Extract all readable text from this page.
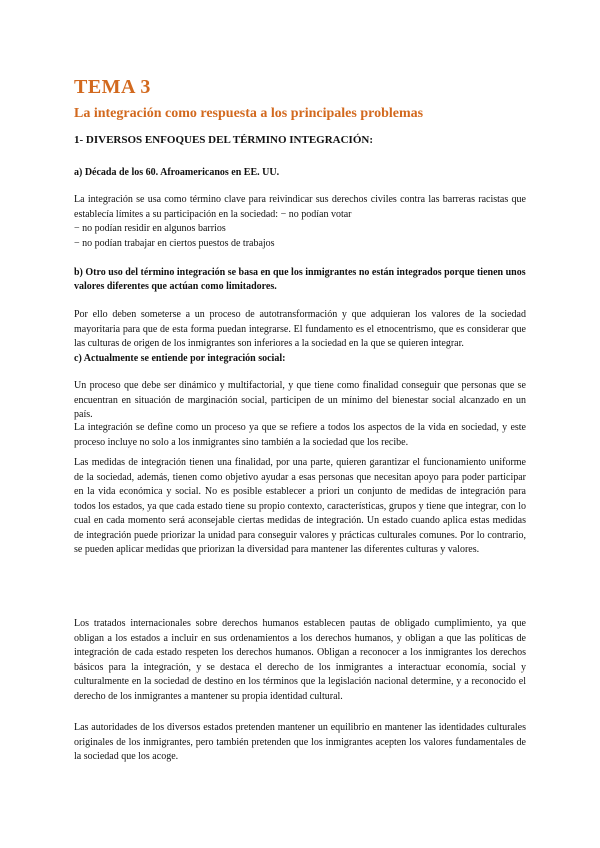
TEMA 3
La integración como respuesta a los principales problemas
1- DIVERSOS ENFOQUES DEL TÉRMINO INTEGRACIÓN:

a) Década de los 60. Afroamericanos en EE. UU.

La integración se usa como término clave para reivindicar sus derechos civiles contra las barreras racistas que establecía límites a su participación en la sociedad: − no podían votar
− no podían residir en algunos barrios
− no podían trabajar en ciertos puestos de trabajos

b) Otro uso del término integración se basa en que los inmigrantes no están integrados porque tienen unos valores diferentes que actúan como limitadores.

Por ello deben someterse a un proceso de autotransformación y que adquieran los valores de la sociedad mayoritaria para que de esta forma puedan integrarse. El fundamento es el etnocentrismo, que es considerar que las culturas de origen de los inmigrantes son inferiores a la sociedad en la que se quieren integrar.

c) Actualmente se entiende por integración social:

Un proceso que debe ser dinámico y multifactorial, y que tiene como finalidad conseguir que personas que se encuentran en situación de marginación social, participen de un mínimo del bienestar social alcanzado en un país.

La integración se define como un proceso ya que se refiere a todos los aspectos de la vida en sociedad, y este proceso incluye no solo a los inmigrantes sino también a la sociedad que los recibe.

Las medidas de integración tienen una finalidad, por una parte, quieren garantizar el funcionamiento uniforme de la sociedad, además, tienen como objetivo ayudar a esas personas que necesitan apoyo para poder participar en la vida económica y social. No es posible establecer a priori un conjunto de medidas de integración para todos los estados, ya que cada estado tiene su propio contexto, características, grupos y tiene que integrar, con lo cual en cada momento será aconsejable ciertas medidas de integración. Un estado cuando aplica estas medidas de integración puede priorizar la unidad para conseguir valores y prácticas culturales comunes. Por lo contrario, se pueden aplicar medidas que priorizan la diversidad para mantener las diferentes culturas y valores.

Los tratados internacionales sobre derechos humanos establecen pautas de obligado cumplimiento, ya que obligan a los estados a incluir en sus ordenamientos a los derechos humanos, y obligan a que las políticas de integración de cada estado respeten los derechos humanos. Obligan a reconocer a los inmigrantes los derechos básicos para la integración, y se destaca el derecho de los inmigrantes a interactuar economía, social y culturalmente en la sociedad de destino en los términos que la legislación nacional determine, y a reconocido el derecho de los inmigrantes a mantener su propia identidad cultural.

Las autoridades de los diversos estados pretenden mantener un equilibrio en mantener las identidades culturales originales de los inmigrantes, pero también pretenden que los inmigrantes acepten los valores fundamentales de la sociedad que los acoge.
